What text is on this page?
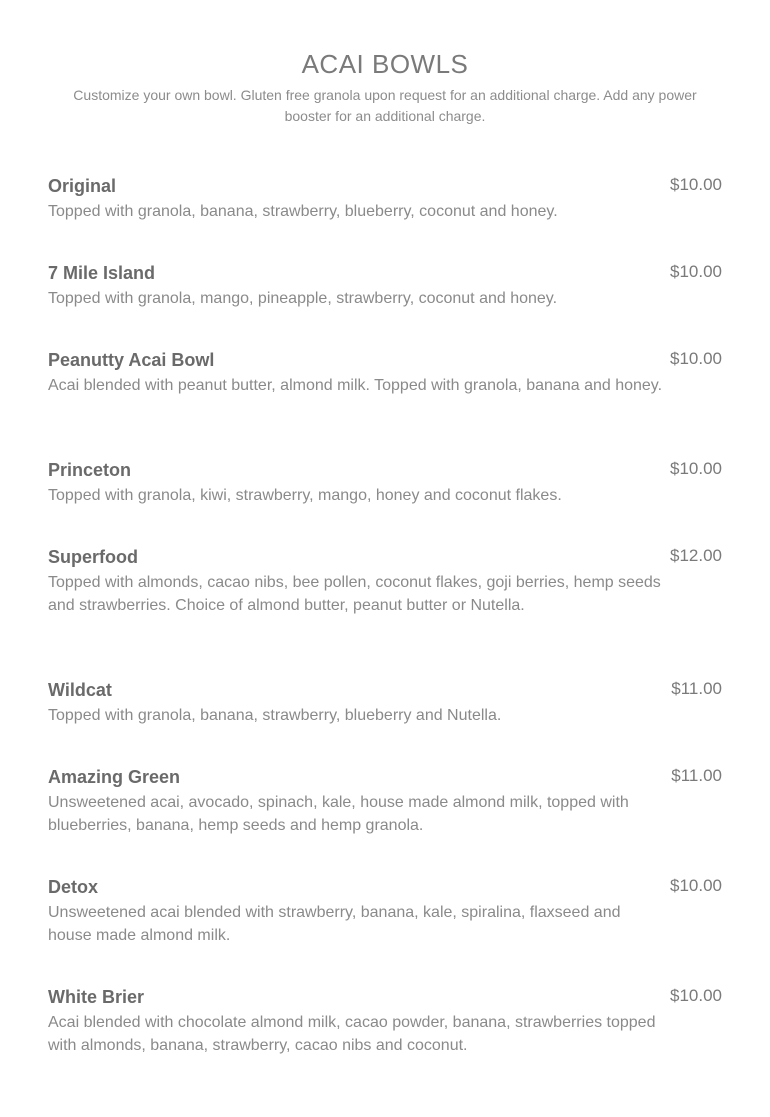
ACAI BOWLS

Customize your own bowl. Gluten free granola upon request for an additional charge. Add any power booster for an additional charge.

Original	$10.00

Topped with granola, banana, strawberry, blueberry, coconut and honey.

7 Mile Island	$10.00

Topped with granola, mango, pineapple, strawberry, coconut and honey.

Peanutty Acai Bowl	$10.00

Acai blended with peanut butter, almond milk. Topped with granola, banana and honey.

Princeton	$10.00

Topped with granola, kiwi, strawberry, mango, honey and coconut flakes.

Superfood	$12.00

Topped with almonds, cacao nibs, bee pollen, coconut flakes, goji berries, hemp seeds and strawberries. Choice of almond butter, peanut butter or Nutella.

Wildcat	$11.00

Topped with granola, banana, strawberry, blueberry and Nutella.

Amazing Green	$11.00

Unsweetened acai, avocado, spinach, kale, house made almond milk, topped with blueberries, banana, hemp seeds and hemp granola.

Detox	$10.00

Unsweetened acai blended with strawberry, banana, kale, spiralina, flaxseed and house made almond milk.

White Brier	$10.00

Acai blended with chocolate almond milk, cacao powder, banana, strawberries topped with almonds, banana, strawberry, cacao nibs and coconut.
